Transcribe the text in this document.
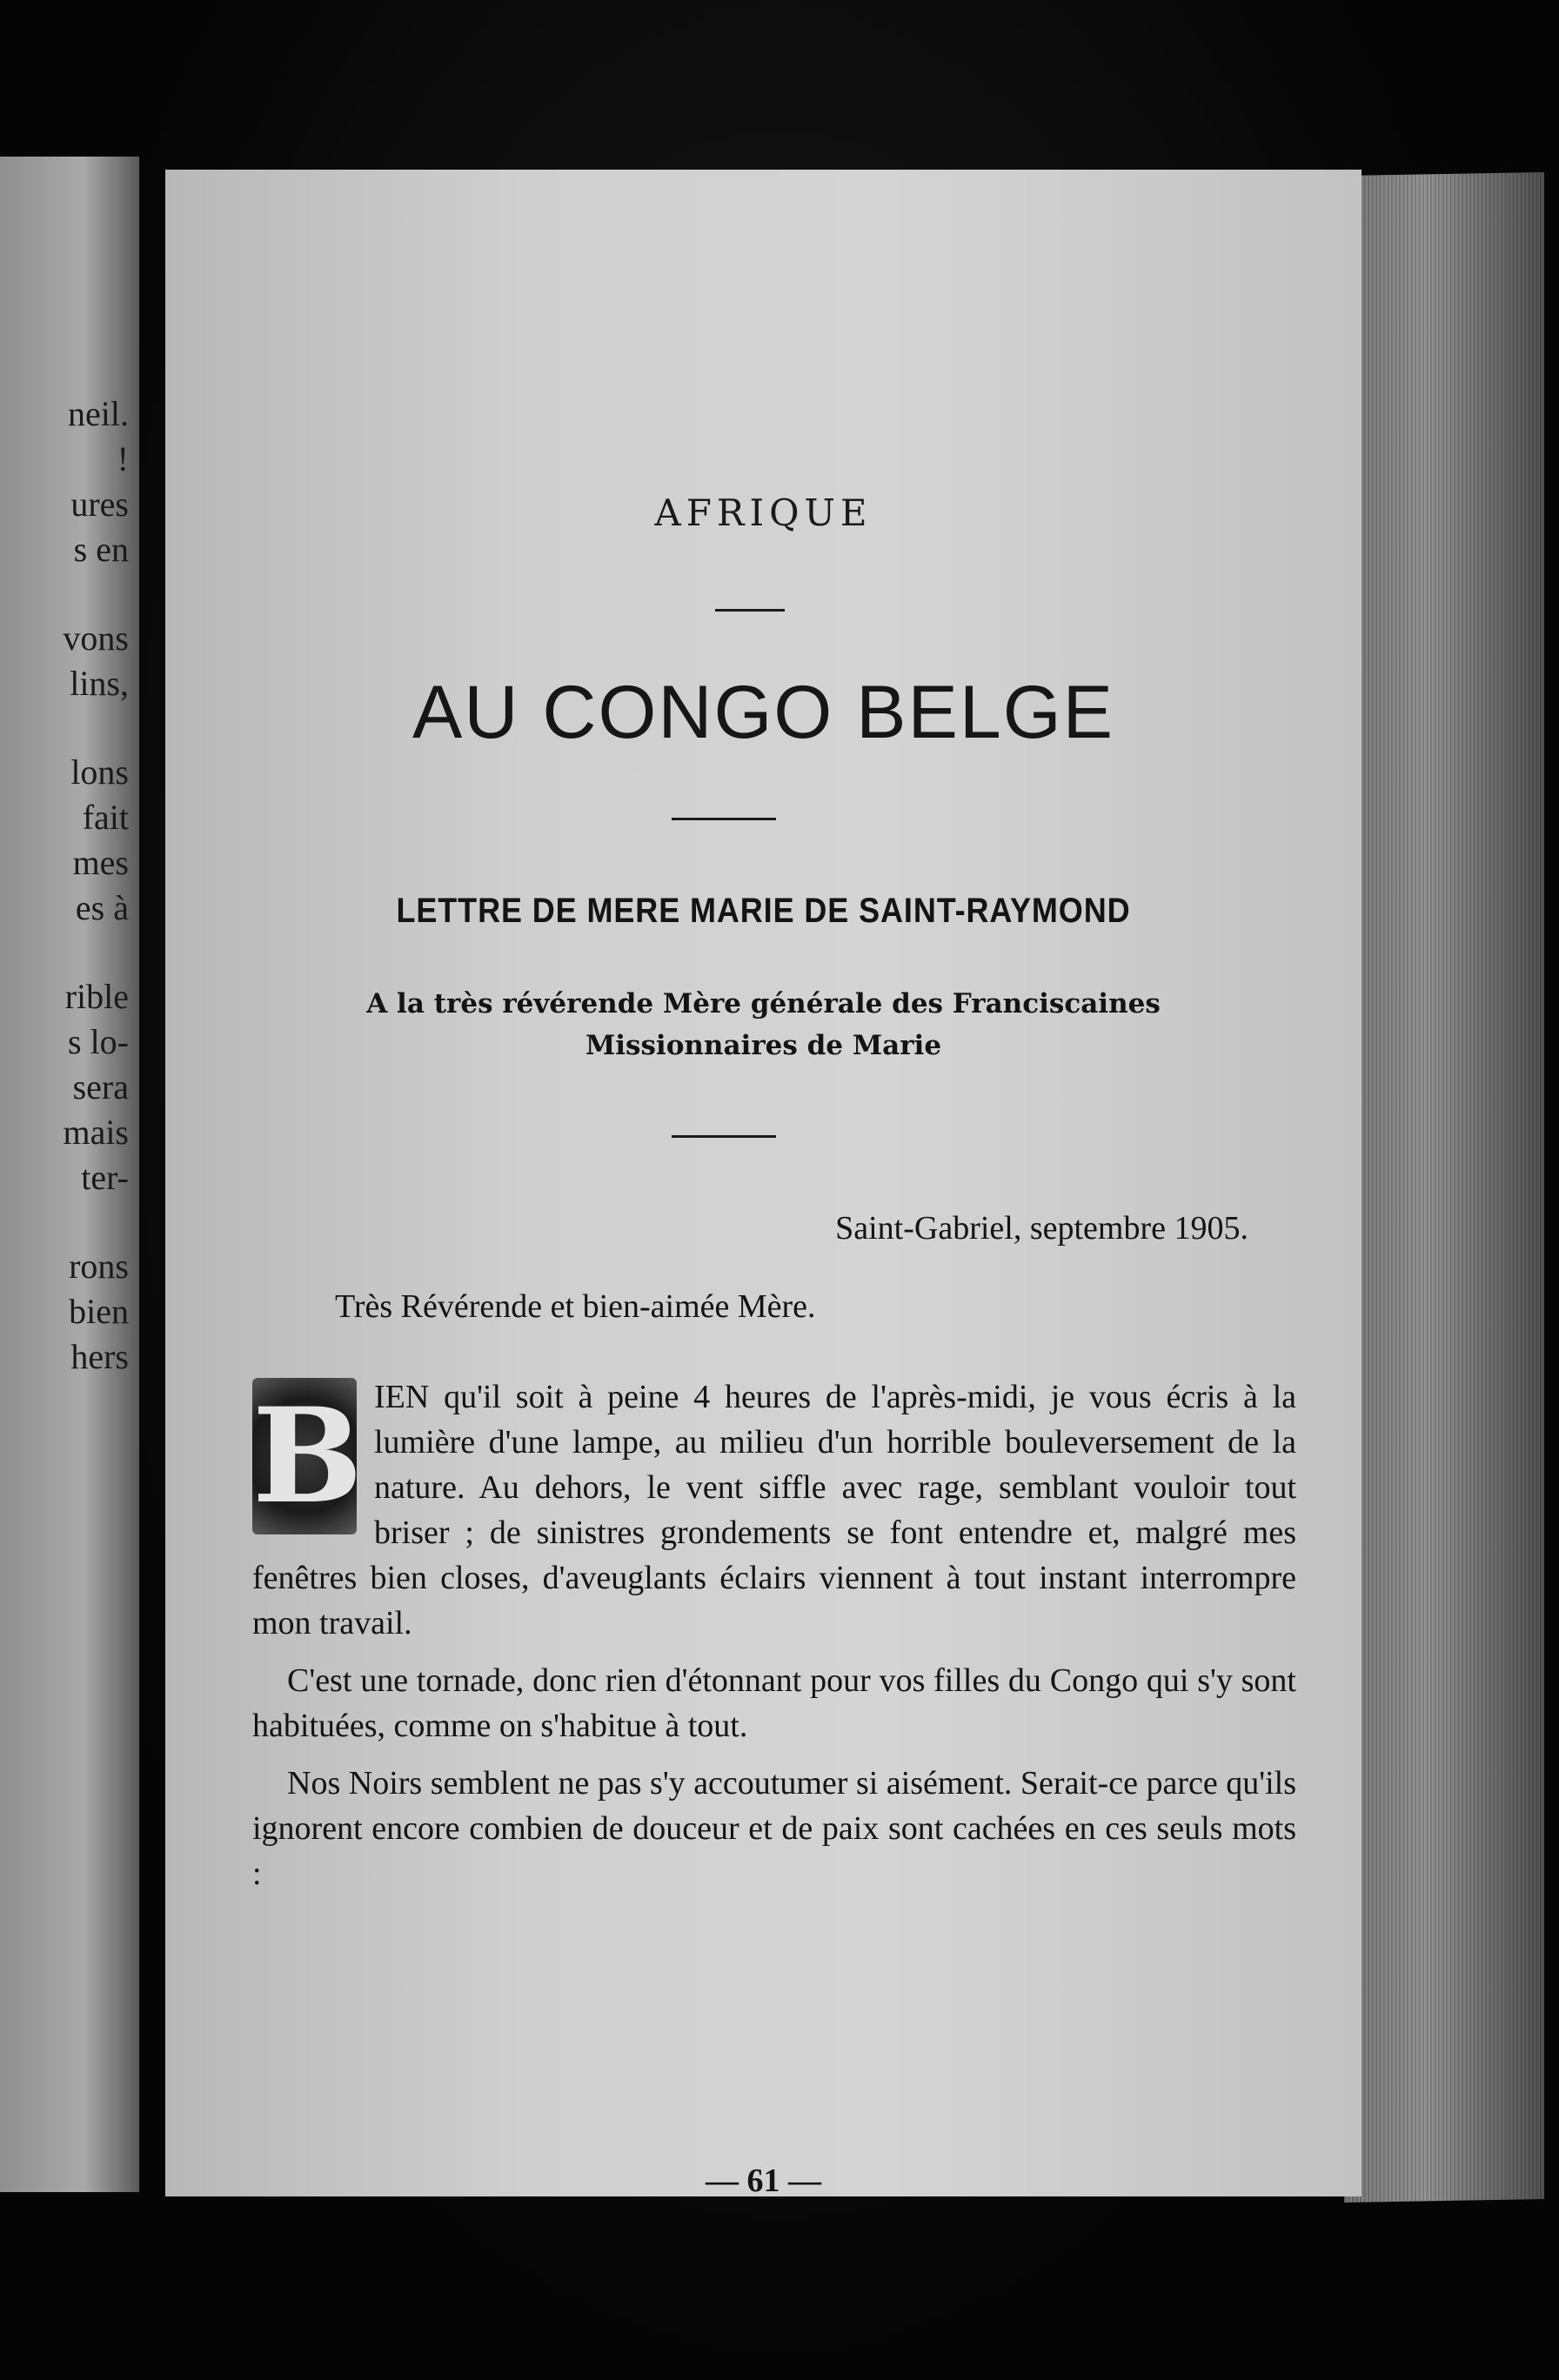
neil.
!
ures
s en
vons
lins,
lons
fait
mes
es à
rible
s lo-
sera
mais
ter-
rons
bien
hers
AFRIQUE
AU CONGO BELGE
LETTRE DE MERE MARIE DE SAINT-RAYMOND
A la très révérende Mère générale des Franciscaines
Missionnaires de Marie
Saint-Gabriel, septembre 1905.
Très Révérende et bien-aimée Mère.

B IEN qu'il soit à peine 4 heures de l'après-midi, je vous écris à la lumière d'une lampe, au milieu d'un horrible bouleversement de la nature. Au dehors, le vent siffle avec rage, semblant vouloir tout briser ; de sinistres grondements se font entendre et, malgré mes fenêtres bien closes, d'aveuglants éclairs viennent à tout instant interrompre mon travail.

C'est une tornade, donc rien d'étonnant pour vos filles du Congo qui s'y sont habituées, comme on s'habitue à tout.

Nos Noirs semblent ne pas s'y accoutumer si aisément. Serait-ce parce qu'ils ignorent encore combien de douceur et de paix sont cachées en ces seuls mots :

— 61 —
